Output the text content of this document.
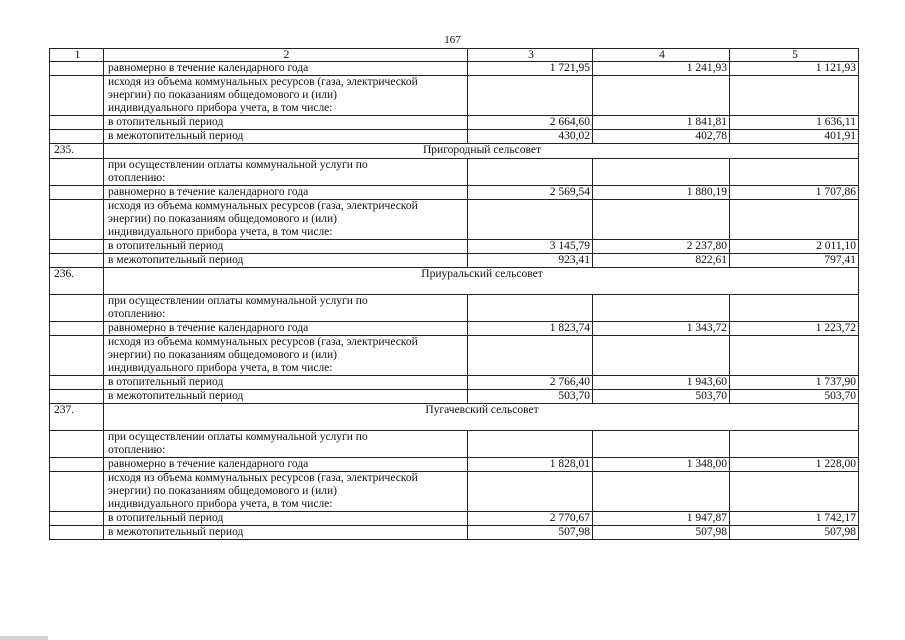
167
1	2	3	4	5
	равномерно в течение календарного года	1 721,95	1 241,93	1 121,93

	исходя из объема коммунальных ресурсов (газа, электрической
энергии) по показаниям общедомового и (или)
индивидуального прибора учета, в том числе:			

	в отопительный период	2 664,60	1 841,81	1 636,11
	в межотопительный период	430,02	402,78	401,91
235.	Пригородный сельсовет			

	при осуществлении оплаты коммунальной услуги по
отоплению:			

	равномерно в течение календарного года	2 569,54	1 880,19	1 707,86

	исходя из объема коммунальных ресурсов (газа, электрической
энергии) по показаниям общедомового и (или)
индивидуального прибора учета, в том числе:			

	в отопительный период	3 145,79	2 237,80	2 011,10
	в межотопительный период	923,41	822,61	797,41
236.	Приуральский сельсовет			

	при осуществлении оплаты коммунальной услуги по
отоплению:			

	равномерно в течение календарного года	1 823,74	1 343,72	1 223,72

	исходя из объема коммунальных ресурсов (газа, электрической
энергии) по показаниям общедомового и (или)
индивидуального прибора учета, в том числе:			

	в отопительный период	2 766,40	1 943,60	1 737,90
	в межотопительный период	503,70	503,70	503,70
237.	Пугачевский сельсовет			

	при осуществлении оплаты коммунальной услуги по
отоплению:			

	равномерно в течение календарного года	1 828,01	1 348,00	1 228,00

	исходя из объема коммунальных ресурсов (газа, электрической
энергии) по показаниям общедомового и (или)
индивидуального прибора учета, в том числе:			

	в отопительный период	2 770,67	1 947,87	1 742,17
	в межотопительный период	507,98	507,98	507,98
